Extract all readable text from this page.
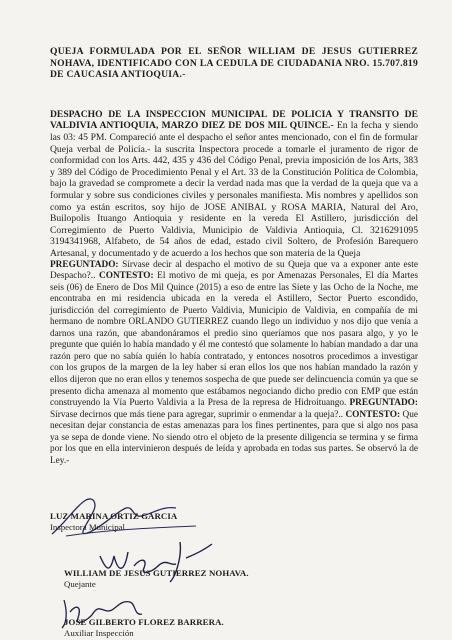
QUEJA FORMULADA POR EL SEÑOR WILLIAM DE JESUS GUTIERREZ NOHAVA, IDENTIFICADO CON LA CEDULA DE CIUDADANIA NRO. 15.707.819 DE CAUCASIA ANTIOQUIA.-

DESPACHO DE LA INSPECCION MUNICIPAL DE POLICIA Y TRANSITO DE VALDIVIA ANTIOQUIA, MARZO DIEZ DE DOS MIL QUINCE.- En la fecha y siendo las 03: 45 PM. Compareció ante el despacho el señor antes mencionado, con el fin de formular Queja verbal de Policía.- la suscrita Inspectora procede a tomarle el juramento de rigor de conformidad con los Arts. 442, 435 y 436 del Código Penal, previa imposición de los Arts, 383 y 389 del Código de Procedimiento Penal y el Art. 33 de la Constitución Política de Colombia, bajo la gravedad se compromete a decir la verdad nada mas que la verdad de la queja que va a formular y sobre sus condiciones civiles y personales manifiesta. Mis nombres y apellidos son como ya están escritos, soy hijo de JOSE ANIBAL y ROSA MARIA, Natural del Aro, Builopolis Ituango Antioquia y residente en la vereda El Astillero, jurisdicción del Corregimiento de Puerto Valdivia, Municipio de Valdivia Antioquia, Cl. 3216291095 3194341968, Alfabeto, de 54 años de edad, estado civil Soltero, de Profesión Barequero Artesanal, y documentado y de acuerdo a los hechos que son materia de la Queja

PREGUNTADO: Sírvase decir al despacho el motivo de su Queja que va a exponer ante este Despacho?.. CONTESTO: El motivo de mi queja, es por Amenazas Personales, El día Martes seis (06) de Enero de Dos Mil Quince (2015) a eso de entre las Siete y las Ocho de la Noche, me encontraba en mi residencia ubicada en la vereda el Astillero, Sector Puerto escondido, jurisdicción del corregimiento de Puerto Valdivia, Municipio de Valdivia, en compañía de mi hermano de nombre ORLANDO GUTIERREZ cuando llego un individuo y nos dijo que venía a darnos una razón, que abandonáramos el predio sino queríamos que nos pasara algo, y yo le pregunte que quién lo había mandado y él me contestó que solamente lo habían mandado a dar una razón pero que no sabía quién lo había contratado, y entonces nosotros procedimos a investigar con los grupos de la margen de la ley haber si eran ellos los que nos habían mandado la razón y ellos dijeron que no eran ellos y tenemos sospecha de que puede ser delincuencia común ya que se presento dicha amenaza al momento que estábamos negociando dicho predio con EMP que están construyendo la Vía Puerto Valdivia a la Presa de la represa de Hidroituango. PREGUNTADO: Sírvase decirnos que más tiene para agregar, suprimir o enmendar a la queja?.. CONTESTO: Que necesitan dejar constancia de estas amenazas para los fines pertinentes, para que si algo nos pasa ya se sepa de donde viene. No siendo otro el objeto de la presente diligencia se termina y se firma por los que en ella intervinieron después de leída y aprobada en todas sus partes. Se observó la de Ley.-

LUZ MARINA ORTIZ GARCIA
Inspectora Municipal
WILLIAM DE JESUS GUTIERREZ NOHAVA.
Quejante
JOSE GILBERTO FLOREZ BARRERA.
Auxiliar Inspección
